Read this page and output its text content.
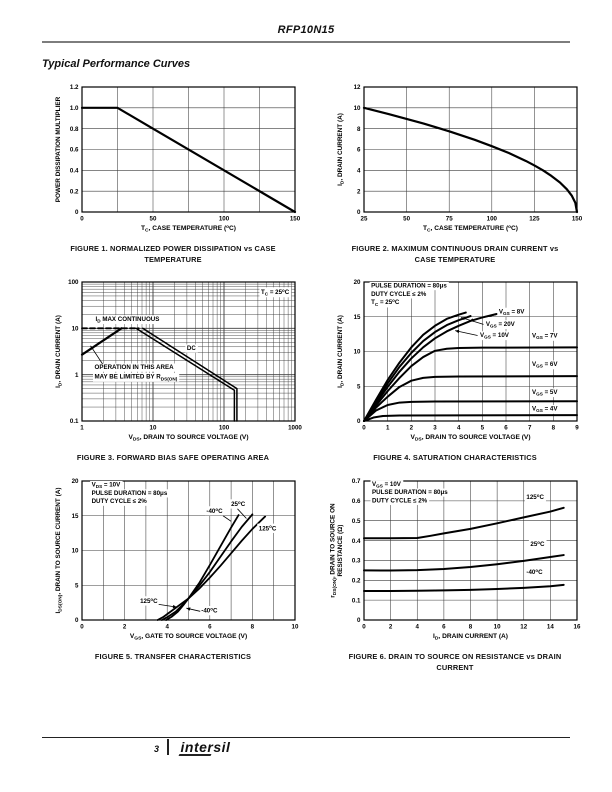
RFP10N15
Typical Performance Curves
0	50	100	150
0
0.2
0.4
0.6
0.8
1.0
1.2
$T_C$, CASE TEMPERATURE ($^o$C)
POWER DISSIPATION MULTIPLIER
FIGURE 1. NORMALIZED POWER DISSIPATION vs CASE TEMPERATURE
25	50	75	100	125	150
0
2
4
6
8
10
12
$T_C$, CASE TEMPERATURE ($^o$C)
$I_D$, DRAIN CURRENT (A)
FIGURE 2. MAXIMUM CONTINUOUS DRAIN CURRENT vs CASE TEMPERATURE
1	10	100	1000
0.1
1
10
100
$V_{DS}$, DRAIN TO SOURCE VOLTAGE (V)
$I_D$, DRAIN CURRENT (A)
$T_C = 25^oC$
$I_D$ MAX CONTINUOUS
DC
OPERATION IN THIS AREA
MAY BE LIMITED BY $R_{DS(ON)}$
FIGURE 3. FORWARD BIAS SAFE OPERATING AREA
0	1	2	3	4	5	6	7	8	9
0
5
10
15
20
$V_{DS}$, DRAIN TO SOURCE VOLTAGE (V)
$I_D$, DRAIN CURRENT (A)
PULSE DURATION = 80μs
DUTY CYCLE ≤ 2%
$T_C = 25^oC$
$V_{GS} = 8V$
$V_{GS} = 20V$
$V_{GS} = 10V$	$V_{GS} = 7V$
$V_{GS} = 6V$
$V_{GS} = 5V$
$V_{GS} = 4V$
FIGURE 4. SATURATION CHARACTERISTICS
0	2	4	6	8	10
0
5
10
15
20
$V_{GS}$, GATE TO SOURCE VOLTAGE (V)
$I_{DS(ON)}$, DRAIN TO SOURCE CURRENT (A)
$V_{DS} = 10V$
PULSE DURATION = 80μs
DUTY CYCLE ≤ 2%
-40$^o$C
25$^o$C
125$^o$C
125$^o$C
-40$^o$C
FIGURE 5. TRANSFER CHARACTERISTICS
0	2	4	6	8	10	12	14	16
0
0.1
0.2
0.3
0.4
0.5
0.6
0.7
$I_D$, DRAIN CURRENT (A)
$r_{DS(ON)}$, DRAIN TO SOURCE ON RESISTANCE (Ω)
$V_{GS} = 10V$
PULSE DURATION = 80μs
DUTY CYCLE ≤ 2%
125$^o$C
25$^o$C
-40$^o$C
FIGURE 6. DRAIN TO SOURCE ON RESISTANCE vs DRAIN CURRENT
3 intersil
